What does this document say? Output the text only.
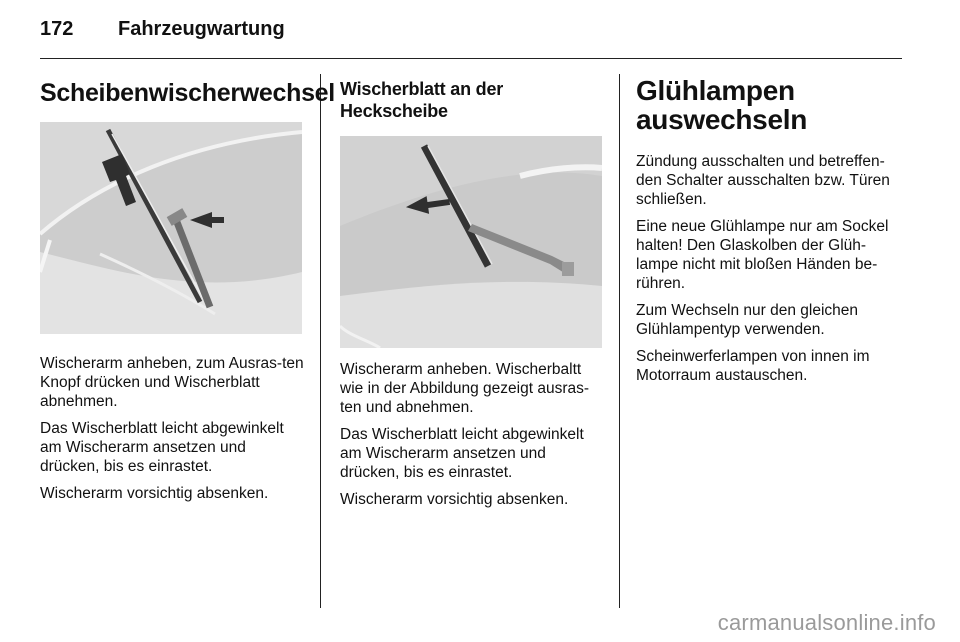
172 Fahrzeugwartung
Scheibenwischerwechsel

Wischerarm anheben, zum Ausras-ten Knopf drücken und Wischerblatt abnehmen.

Das Wischerblatt leicht abgewinkelt am Wischerarm ansetzen und drücken, bis es einrastet.

Wischerarm vorsichtig absenken.

Wischerblatt an der
Heckscheibe

Wischerarm anheben. Wischerbaltt wie in der Abbildung gezeigt ausras-ten und abnehmen.

Das Wischerblatt leicht abgewinkelt am Wischerarm ansetzen und drücken, bis es einrastet.

Wischerarm vorsichtig absenken.

Glühlampen
auswechseln

Zündung ausschalten und betreffen-den Schalter ausschalten bzw. Türen schließen.

Eine neue Glühlampe nur am Sockel halten! Den Glaskolben der Glüh-lampe nicht mit bloßen Händen be-rühren.

Zum Wechseln nur den gleichen Glühlampentyp verwenden.

Scheinwerferlampen von innen im Motorraum austauschen.

carmanualsonline.info
